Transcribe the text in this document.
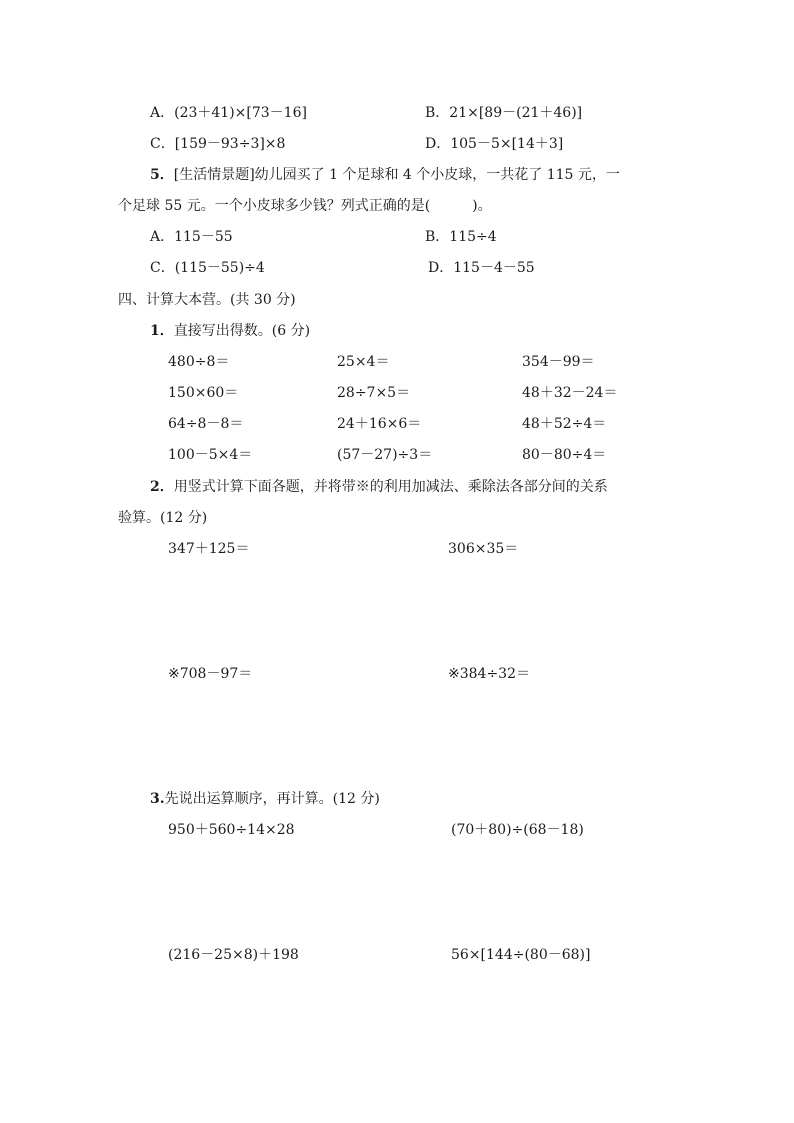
A．(23＋41)×[73－16]	B．21×[89－(21＋46)]
C．[159－93÷3]×8	D．105－5×[14＋3]
5．[生活情景题]幼儿园买了 1 个足球和 4 个小皮球，一共花了 115 元，一
个足球 55 元。一个小皮球多少钱？列式正确的是(　　　)。
A．115－55	B．115÷4
C．(115－55)÷4	D．115－4－55
四、计算大本营。(共 30 分)
1．直接写出得数。(6 分)
480÷8＝	25×4＝	354－99＝
150×60＝	28÷7×5＝	48＋32－24＝
64÷8－8＝	24＋16×6＝	48＋52÷4＝
100－5×4＝	(57－27)÷3＝	80－80÷4＝
2．用竖式计算下面各题，并将带※的利用加减法、乘除法各部分间的关系
验算。(12 分)
347＋125＝	306×35＝
※708－97＝	※384÷32＝
3.先说出运算顺序，再计算。(12 分)
950＋560÷14×28	(70＋80)÷(68－18)
(216－25×8)＋198	56×[144÷(80－68)]
